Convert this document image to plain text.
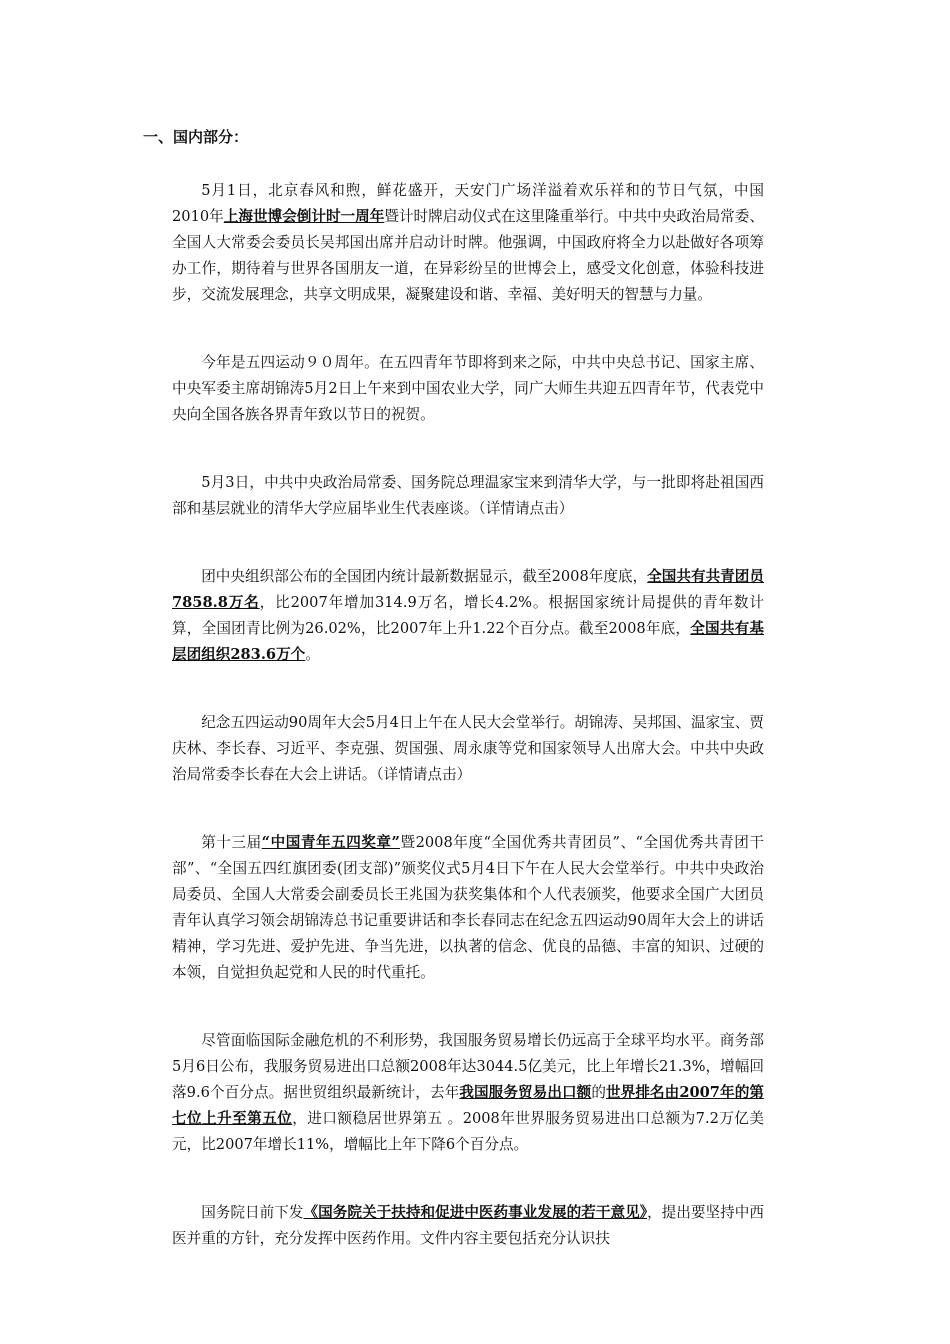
一、国内部分：

5月1日，北京春风和煦，鲜花盛开，天安门广场洋溢着欢乐祥和的节日气氛，中国2010年上海世博会倒计时一周年暨计时牌启动仪式在这里隆重举行。中共中央政治局常委、全国人大常委会委员长吴邦国出席并启动计时牌。他强调，中国政府将全力以赴做好各项筹办工作，期待着与世界各国朋友一道，在异彩纷呈的世博会上，感受文化创意，体验科技进步，交流发展理念，共享文明成果，凝聚建设和谐、幸福、美好明天的智慧与力量。

今年是五四运动９０周年。在五四青年节即将到来之际，中共中央总书记、国家主席、中央军委主席胡锦涛5月2日上午来到中国农业大学，同广大师生共迎五四青年节，代表党中央向全国各族各界青年致以节日的祝贺。

5月3日，中共中央政治局常委、国务院总理温家宝来到清华大学，与一批即将赴祖国西部和基层就业的清华大学应届毕业生代表座谈。（详情请点击）

团中央组织部公布的全国团内统计最新数据显示，截至2008年度底，全国共有共青团员7858.8万名，比2007年增加314.9万名，增长4.2%。根据国家统计局提供的青年数计算，全国团青比例为26.02%，比2007年上升1.22个百分点。截至2008年底，全国共有基层团组织283.6万个。

纪念五四运动90周年大会5月4日上午在人民大会堂举行。胡锦涛、吴邦国、温家宝、贾庆林、李长春、习近平、李克强、贺国强、周永康等党和国家领导人出席大会。中共中央政治局常委李长春在大会上讲话。（详情请点击）

第十三届“中国青年五四奖章”暨2008年度“全国优秀共青团员”、“全国优秀共青团干部”、“全国五四红旗团委(团支部)”颁奖仪式5月4日下午在人民大会堂举行。中共中央政治局委员、全国人大常委会副委员长王兆国为获奖集体和个人代表颁奖，他要求全国广大团员青年认真学习领会胡锦涛总书记重要讲话和李长春同志在纪念五四运动90周年大会上的讲话精神，学习先进、爱护先进、争当先进，以执著的信念、优良的品德、丰富的知识、过硬的本领，自觉担负起党和人民的时代重托。

尽管面临国际金融危机的不利形势，我国服务贸易增长仍远高于全球平均水平。商务部5月6日公布，我服务贸易进出口总额2008年达3044.5亿美元，比上年增长21.3%，增幅回落9.6个百分点。据世贸组织最新统计，去年我国服务贸易出口额的世界排名由2007年的第七位上升至第五位，进口额稳居世界第五 。2008年世界服务贸易进出口总额为7.2万亿美元，比2007年增长11%，增幅比上年下降6个百分点。

国务院日前下发《国务院关于扶持和促进中医药事业发展的若干意见》，提出要坚持中西医并重的方针，充分发挥中医药作用。文件内容主要包括充分认识扶
